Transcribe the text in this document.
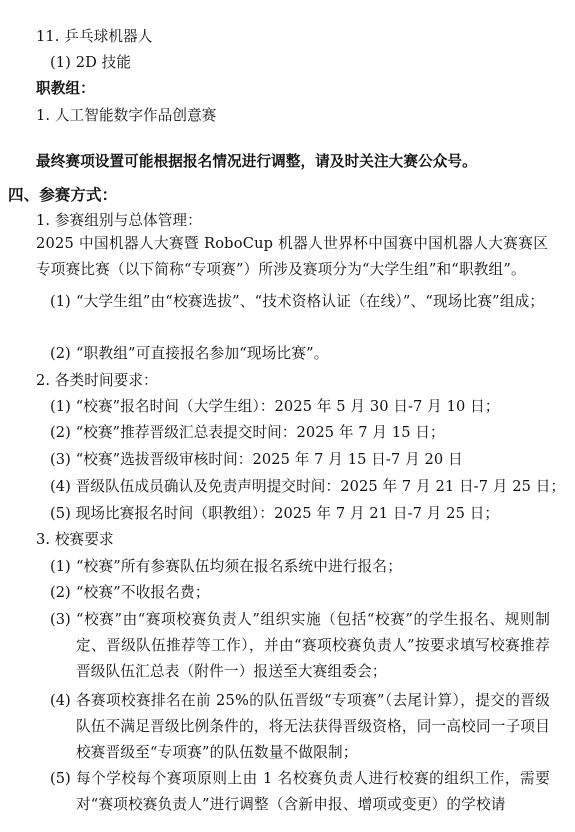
11. 乒乓球机器人
(1) 2D 技能
职教组：
1. 人工智能数字作品创意赛
最终赛项设置可能根据报名情况进行调整，请及时关注大赛公众号。
四、参赛方式：
1. 参赛组别与总体管理：
2025 中国机器人大赛暨 RoboCup 机器人世界杯中国赛中国机器人大赛赛区专项赛比赛（以下简称“专项赛”）所涉及赛项分为“大学生组”和“职教组”。
(1) “大学生组”由“校赛选拔”、“技术资格认证（在线）”、“现场比赛”组成；
(2) “职教组”可直接报名参加“现场比赛”。
2. 各类时间要求：
(1) “校赛”报名时间（大学生组）：2025 年 5 月 30 日-7 月 10 日；
(2) “校赛”推荐晋级汇总表提交时间：2025 年 7 月 15 日；
(3) “校赛”选拔晋级审核时间：2025 年 7 月 15 日-7 月 20 日
(4) 晋级队伍成员确认及免责声明提交时间：2025 年 7 月 21 日-7 月 25 日；
(5) 现场比赛报名时间（职教组）：2025 年 7 月 21 日-7 月 25 日；
3. 校赛要求
(1) “校赛”所有参赛队伍均须在报名系统中进行报名；
(2) “校赛”不收报名费；
(3) “校赛”由“赛项校赛负责人”组织实施（包括“校赛”的学生报名、规则制定、晋级队伍推荐等工作），并由“赛项校赛负责人”按要求填写校赛推荐晋级队伍汇总表（附件一）报送至大赛组委会；
(4) 各赛项校赛排名在前 25%的队伍晋级“专项赛”（去尾计算），提交的晋级队伍不满足晋级比例条件的，将无法获得晋级资格，同一高校同一子项目校赛晋级至“专项赛”的队伍数量不做限制；
(5) 每个学校每个赛项原则上由 1 名校赛负责人进行校赛的组织工作，需要对“赛项校赛负责人”进行调整（含新申报、增项或变更）的学校请
